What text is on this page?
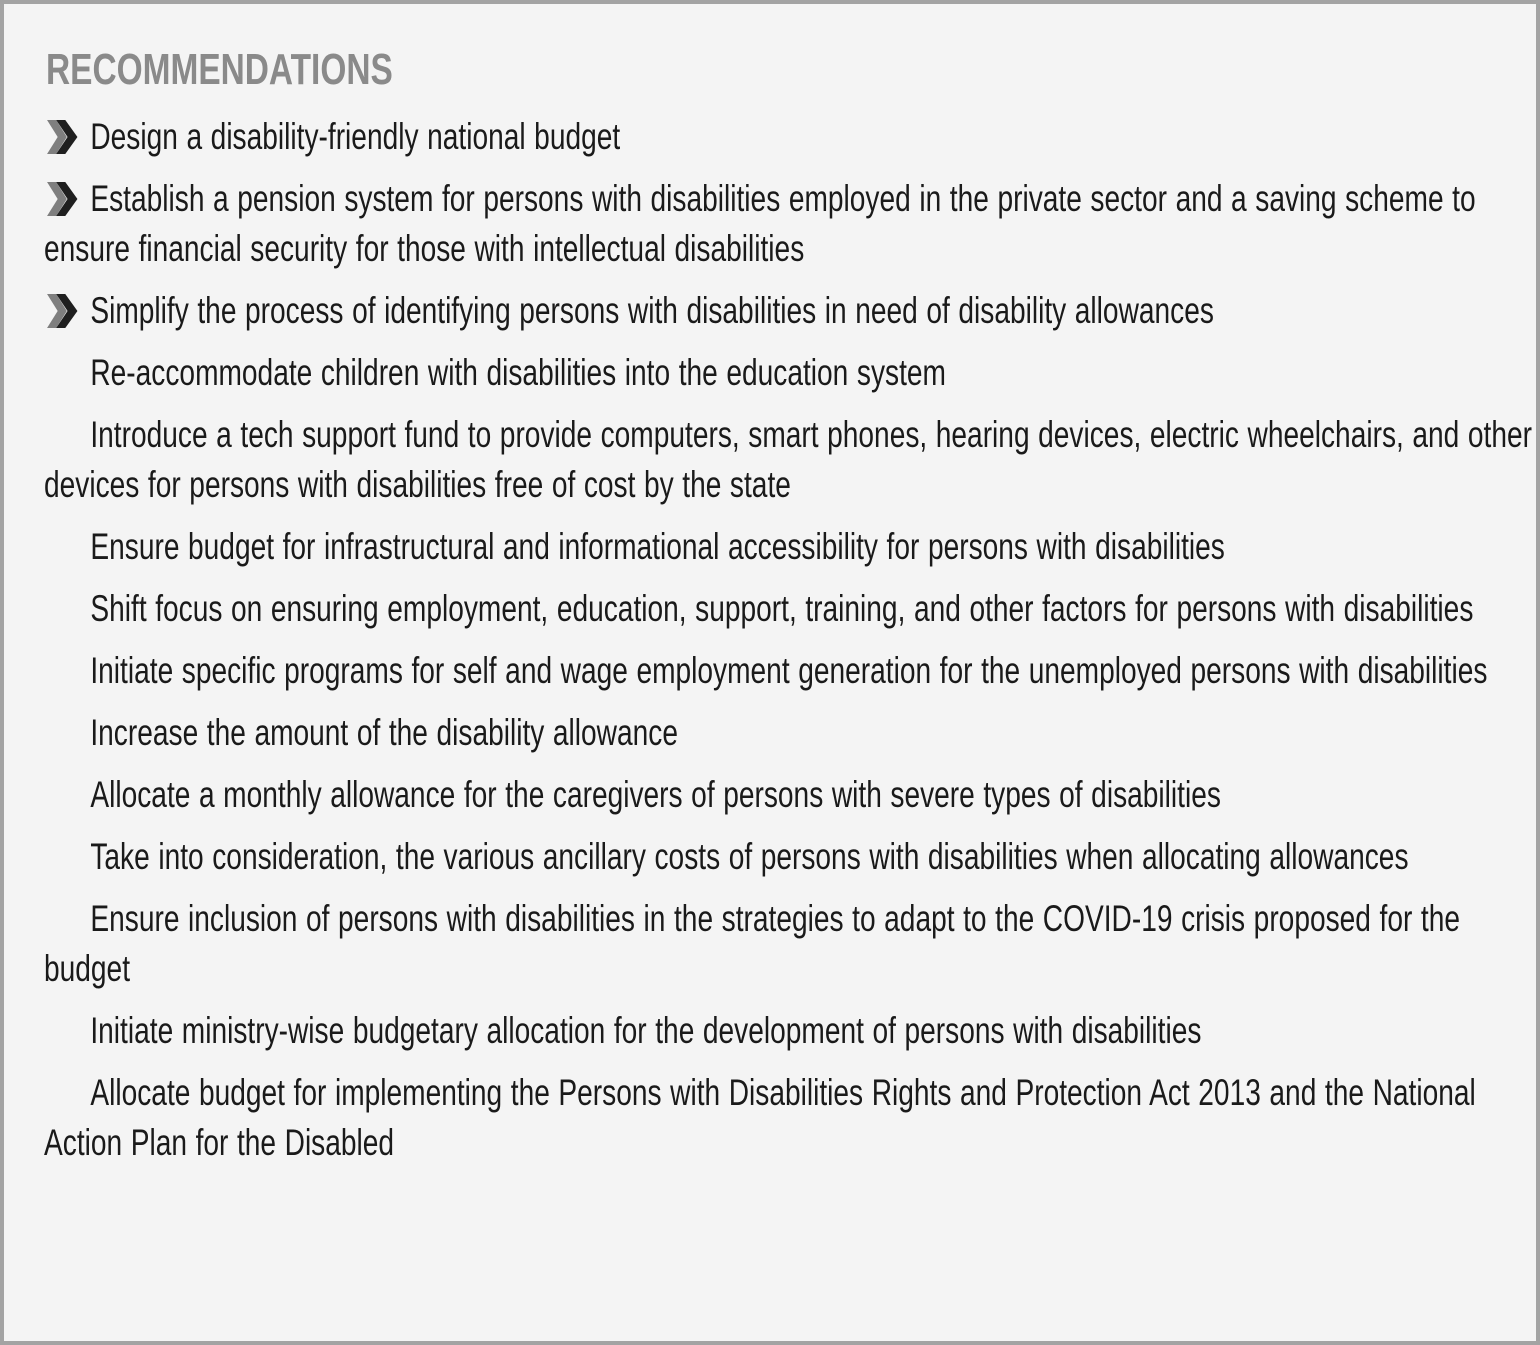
RECOMMENDATIONS
Design a disability-friendly national budget
Establish a pension system for persons with disabilities employed in the private sector and a saving scheme to ensure financial security for those with intellectual disabilities
Simplify the process of identifying persons with disabilities in need of disability allowances
Re-accommodate children with disabilities into the education system
Introduce a tech support fund to provide computers, smart phones, hearing devices, electric wheelchairs, and other devices for persons with disabilities free of cost by the state
Ensure budget for infrastructural and informational accessibility for persons with disabilities
Shift focus on ensuring employment, education, support, training, and other factors for persons with disabilities
Initiate specific programs for self and wage employment generation for the unemployed persons with disabilities
Increase the amount of the disability allowance
Allocate a monthly allowance for the caregivers of persons with severe types of disabilities
Take into consideration, the various ancillary costs of persons with disabilities when allocating allowances
Ensure inclusion of persons with disabilities in the strategies to adapt to the COVID-19 crisis proposed for the budget
Initiate ministry-wise budgetary allocation for the development of persons with disabilities
Allocate budget for implementing the Persons with Disabilities Rights and Protection Act 2013 and the National Action Plan for the Disabled
